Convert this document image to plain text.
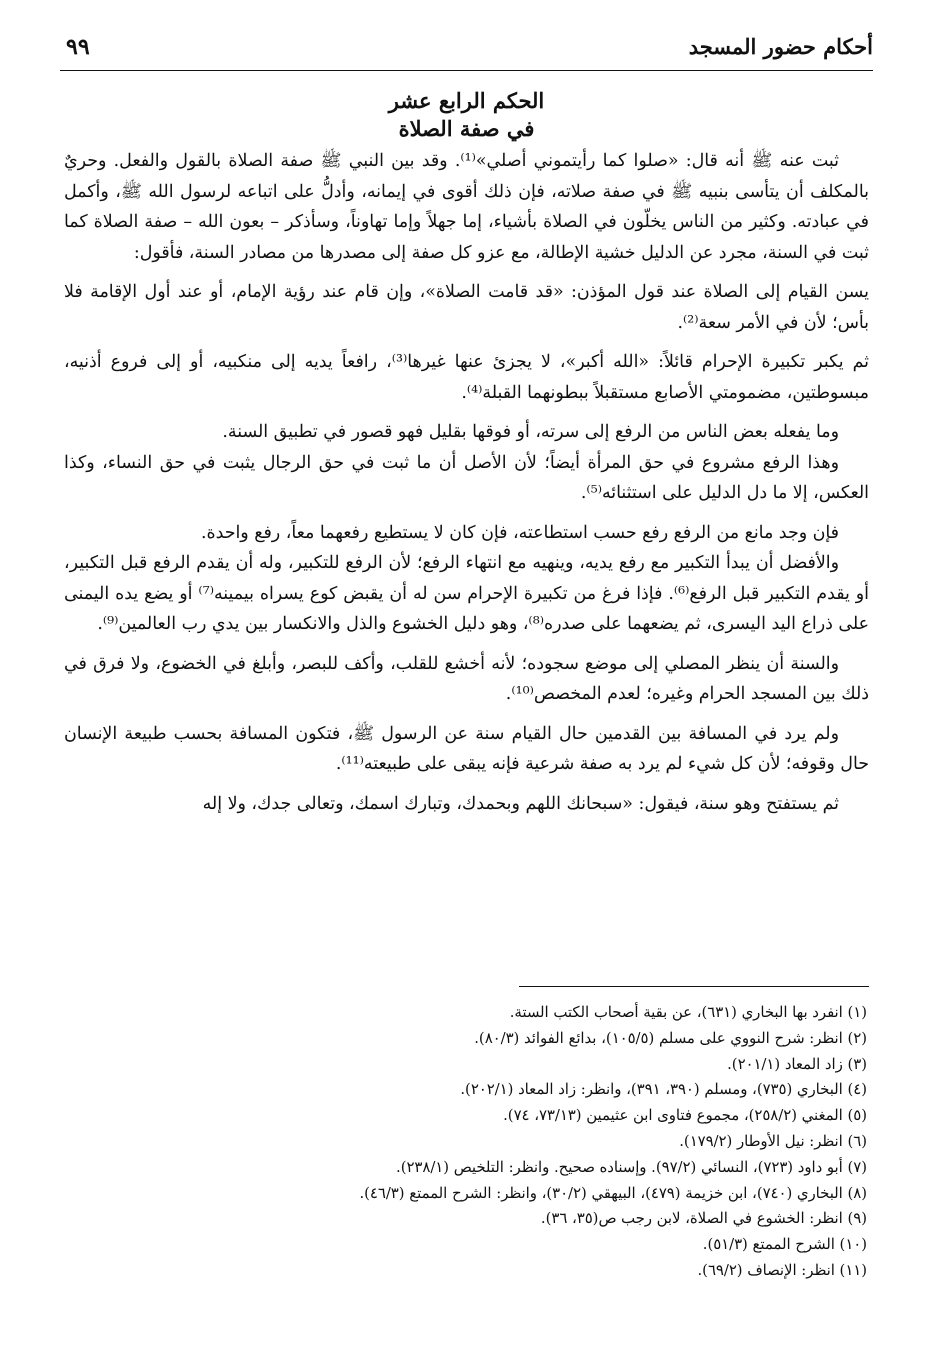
أحكام حضور المسجد
٩٩
الحكم الرابع عشر
في صفة الصلاة

ثبت عنه ﷺ أنه قال: «صلوا كما رأيتموني أصلي»⁽¹⁾. وقد بين النبي ﷺ صفة الصلاة بالقول والفعل. وحريٌ بالمكلف أن يتأسى بنبيه ﷺ في صفة صلاته، فإن ذلك أقوى في إيمانه، وأدلُّ على اتباعه لرسول الله ﷺ، وأكمل في عبادته. وكثير من الناس يخلّون في الصلاة بأشياء، إما جهلاً وإما تهاوناً، وسأذكر – بعون الله – صفة الصلاة كما ثبت في السنة، مجرد عن الدليل خشية الإطالة، مع عزو كل صفة إلى مصدرها من مصادر السنة، فأقول:

يسن القيام إلى الصلاة عند قول المؤذن: «قد قامت الصلاة»، وإن قام عند رؤية الإمام، أو عند أول الإقامة فلا بأس؛ لأن في الأمر سعة⁽²⁾.

ثم يكبر تكبيرة الإحرام قائلاً: «الله أكبر»، لا يجزئ عنها غيرها⁽³⁾، رافعاً يديه إلى منكبيه، أو إلى فروع أذنيه، مبسوطتين، مضمومتي الأصابع مستقبلاً ببطونهما القبلة⁽⁴⁾.

وما يفعله بعض الناس من الرفع إلى سرته، أو فوقها بقليل فهو قصور في تطبيق السنة.

وهذا الرفع مشروع في حق المرأة أيضاً؛ لأن الأصل أن ما ثبت في حق الرجال يثبت في حق النساء، وكذا العكس، إلا ما دل الدليل على استثنائه⁽⁵⁾.

فإن وجد مانع من الرفع رفع حسب استطاعته، فإن كان لا يستطيع رفعهما معاً، رفع واحدة.

والأفضل أن يبدأ التكبير مع رفع يديه، وينهيه مع انتهاء الرفع؛ لأن الرفع للتكبير، وله أن يقدم الرفع قبل التكبير، أو يقدم التكبير قبل الرفع⁽⁶⁾. فإذا فرغ من تكبيرة الإحرام سن له أن يقبض كوع يسراه بيمينه⁽⁷⁾ أو يضع يده اليمنى على ذراع اليد اليسرى، ثم يضعهما على صدره⁽⁸⁾، وهو دليل الخشوع والذل والانكسار بين يدي رب العالمين⁽⁹⁾.

والسنة أن ينظر المصلي إلى موضع سجوده؛ لأنه أخشع للقلب، وأكف للبصر، وأبلغ في الخضوع، ولا فرق في ذلك بين المسجد الحرام وغيره؛ لعدم المخصص⁽¹⁰⁾.

ولم يرد في المسافة بين القدمين حال القيام سنة عن الرسول ﷺ، فتكون المسافة بحسب طبيعة الإنسان حال وقوفه؛ لأن كل شيء لم يرد به صفة شرعية فإنه يبقى على طبيعته⁽¹¹⁾.

ثم يستفتح وهو سنة، فيقول: «سبحانك اللهم وبحمدك، وتبارك اسمك، وتعالى جدك، ولا إله

(١) انفرد بها البخاري (٦٣١)، عن بقية أصحاب الكتب الستة.
(٢) انظر: شرح النووي على مسلم (١٠٥/٥)، بدائع الفوائد (٨٠/٣).
(٣) زاد المعاد (٢٠١/١).
(٤) البخاري (٧٣٥)، ومسلم (٣٩٠، ٣٩١)، وانظر: زاد المعاد (٢٠٢/١).
(٥) المغني (٢٥٨/٢)، مجموع فتاوى ابن عثيمين (٧٣/١٣، ٧٤).
(٦) انظر: نيل الأوطار (١٧٩/٢).
(٧) أبو داود (٧٢٣)، النسائي (٩٧/٢). وإسناده صحيح. وانظر: التلخيص (٢٣٨/١).
(٨) البخاري (٧٤٠)، ابن خزيمة (٤٧٩)، البيهقي (٣٠/٢)، وانظر: الشرح الممتع (٤٦/٣).
(٩) انظر: الخشوع في الصلاة، لابن رجب ص(٣٥، ٣٦).
(١٠) الشرح الممتع (٥١/٣).
(١١) انظر: الإنصاف (٦٩/٢).
